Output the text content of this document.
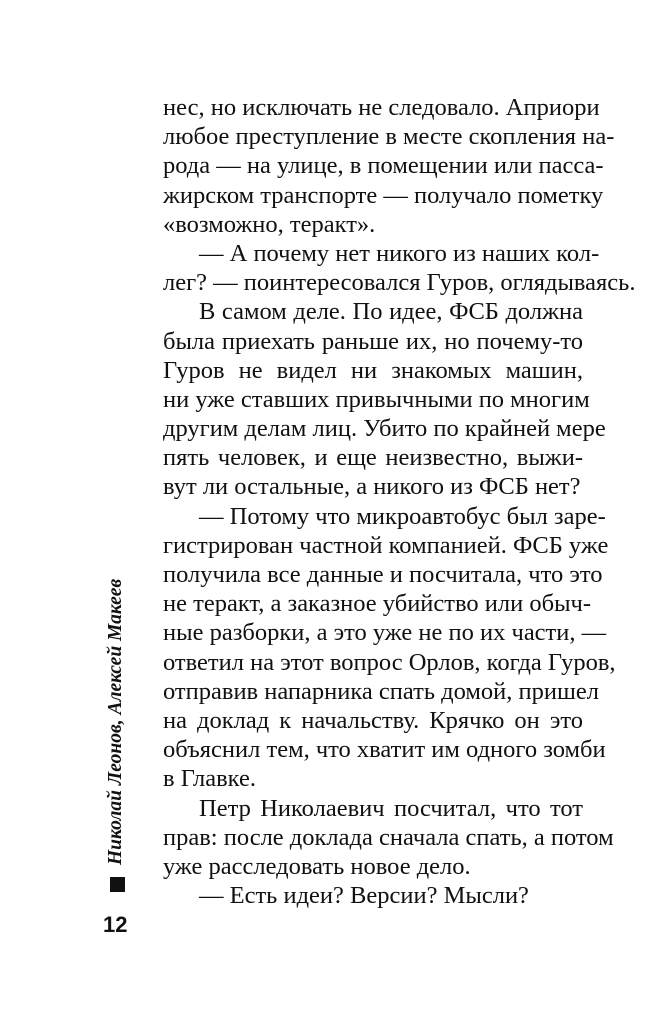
нес, но исключать не следовало. Априори
любое преступление в месте скопления на-
рода — на улице, в помещении или пасса-
жирском транспорте — получало пометку
«возможно, теракт».
— А почему нет никого из наших кол-
лег? — поинтересовался Гуров, оглядываясь.
В самом деле. По идее, ФСБ должна
была приехать раньше их, но почему-то
Гуров не видел ни знакомых машин,
ни уже ставших привычными по многим
другим делам лиц. Убито по крайней мере
пять человек, и еще неизвестно, выжи-
вут ли остальные, а никого из ФСБ нет?
— Потому что микроавтобус был заре-
гистрирован частной компанией. ФСБ уже
получила все данные и посчитала, что это
не теракт, а заказное убийство или обыч-
ные разборки, а это уже не по их части, —
ответил на этот вопрос Орлов, когда Гуров,
отправив напарника спать домой, пришел
на доклад к начальству. Крячко он это
объяснил тем, что хватит им одного зомби
в Главке.
Петр Николаевич посчитал, что тот
прав: после доклада сначала спать, а потом
уже расследовать новое дело.
— Есть идеи? Версии? Мысли?
Николай Леонов, Алексей Макеев
12
